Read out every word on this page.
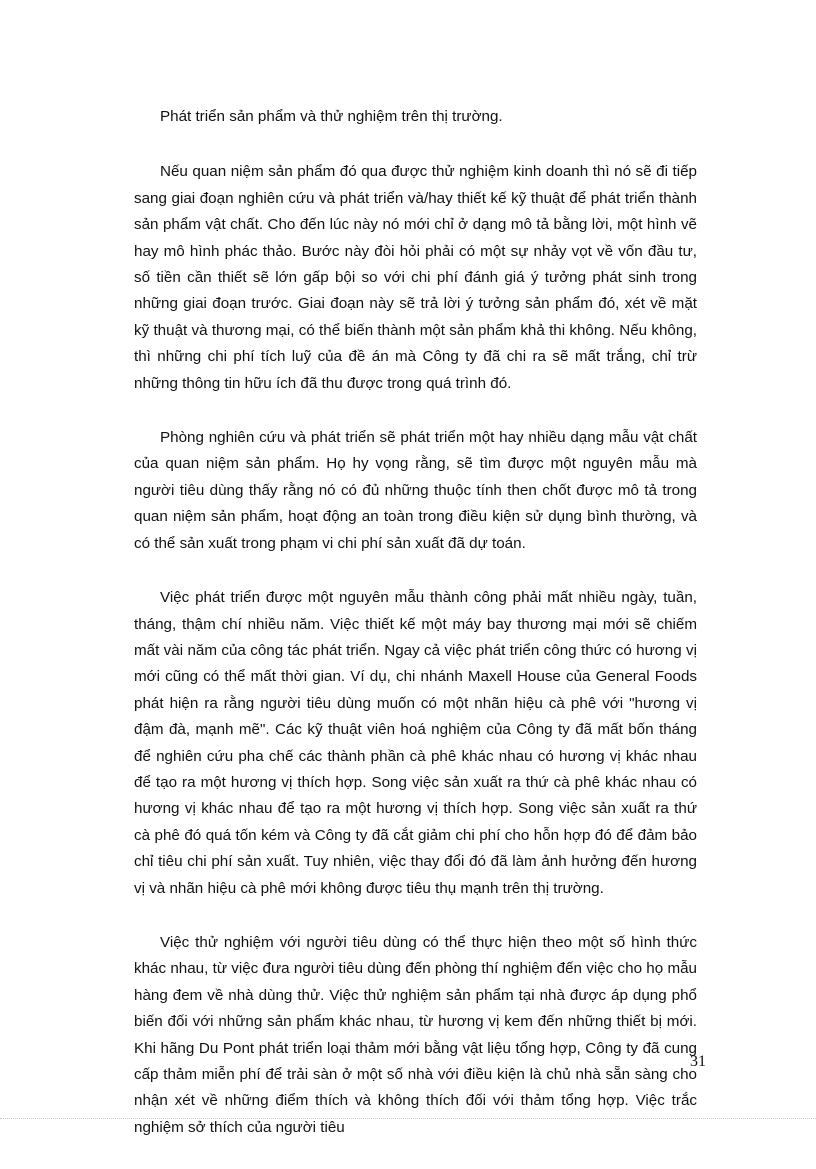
Phát triển sản phẩm và thử nghiệm trên thị trường.

Nếu quan niệm sản phẩm đó qua được thử nghiệm kinh doanh thì nó sẽ đi tiếp sang giai đoạn nghiên cứu và phát triển và/hay thiết kế kỹ thuật để phát triển thành sản phẩm vật chất. Cho đến lúc này nó mới chỉ ở dạng mô tả bằng lời, một hình vẽ hay mô hình phác thảo. Bước này đòi hỏi phải có một sự nhảy vọt về vốn đầu tư, số tiền cần thiết sẽ lớn gấp bội so với chi phí đánh giá ý tưởng phát sinh trong những giai đoạn trước. Giai đoạn này sẽ trả lời ý tưởng sản phẩm đó, xét về mặt kỹ thuật và thương mại, có thể biến thành một sản phẩm khả thi không. Nếu không, thì những chi phí tích luỹ của đề án mà Công ty đã chi ra sẽ mất trắng, chỉ trừ những thông tin hữu ích đã thu được trong quá trình đó.

Phòng nghiên cứu và phát triển sẽ phát triển một hay nhiều dạng mẫu vật chất của quan niệm sản phẩm. Họ hy vọng rằng, sẽ tìm được một nguyên mẫu mà người tiêu dùng thấy rằng nó có đủ những thuộc tính then chốt được mô tả trong quan niệm sản phẩm, hoạt động an toàn trong điều kiện sử dụng bình thường, và có thể sản xuất trong phạm vi chi phí sản xuất đã dự toán.

Việc phát triển được một nguyên mẫu thành công phải mất nhiều ngày, tuần, tháng, thậm chí nhiều năm. Việc thiết kế một máy bay thương mại mới sẽ chiếm mất vài năm của công tác phát triển. Ngay cả việc phát triển công thức có hương vị mới cũng có thể mất thời gian. Ví dụ, chi nhánh Maxell House của General Foods phát hiện ra rằng người tiêu dùng muốn có một nhãn hiệu cà phê với "hương vị đậm đà, mạnh mẽ". Các kỹ thuật viên hoá nghiệm của Công ty đã mất bốn tháng để nghiên cứu pha chế các thành phần cà phê khác nhau có hương vị khác nhau để tạo ra một hương vị thích hợp. Song việc sản xuất ra thứ cà phê khác nhau có hương vị khác nhau để tạo ra một hương vị thích hợp. Song việc sản xuất ra thứ cà phê đó quá tốn kém và Công ty đã cắt giảm chi phí cho hỗn hợp đó để đảm bảo chỉ tiêu chi phí sản xuất. Tuy nhiên, việc thay đổi đó đã làm ảnh hưởng đến hương vị và nhãn hiệu cà phê mới không được tiêu thụ mạnh trên thị trường.

Việc thử nghiệm với người tiêu dùng có thể thực hiện theo một số hình thức khác nhau, từ việc đưa người tiêu dùng đến phòng thí nghiệm đến việc cho họ mẫu hàng đem về nhà dùng thử. Việc thử nghiệm sản phẩm tại nhà được áp dụng phổ biến đối với những sản phẩm khác nhau, từ hương vị kem đến những thiết bị mới. Khi hãng Du Pont phát triển loại thảm mới bằng vật liệu tổng hợp, Công ty đã cung cấp thảm miễn phí để trải sàn ở một số nhà với điều kiện là chủ nhà sẵn sàng cho nhận xét về những điểm thích và không thích đối với thảm tổng hợp. Việc trắc nghiệm sở thích của người tiêu

31
